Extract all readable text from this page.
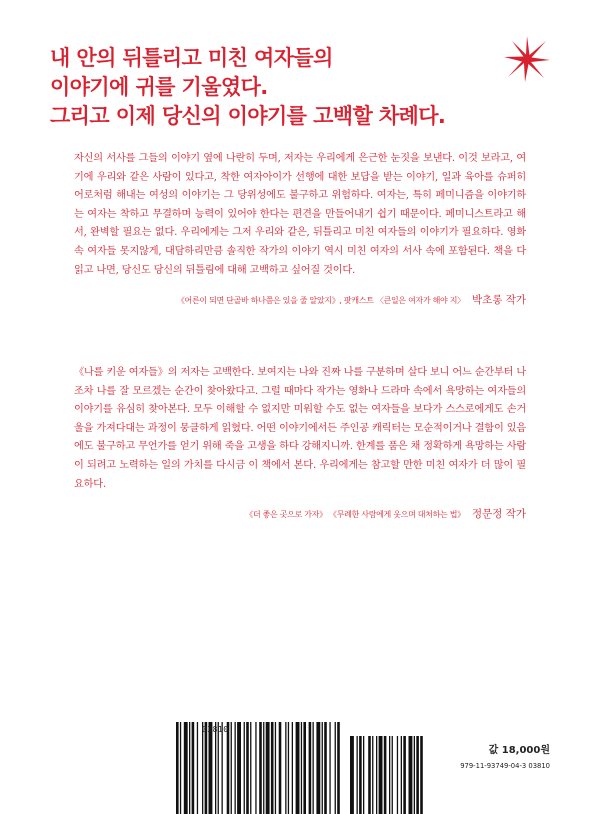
내 안의 뒤틀리고 미친 여자들의
이야기에 귀를 기울였다.
그리고 이제 당신의 이야기를 고백할 차례다.

자신의 서사를 그들의 이야기 옆에 나란히 두며, 저자는 우리에게 은근한 눈짓을 보낸다. 이것 보라고, 여기에 우리와 같은 사람이 있다고, 착한 여자아이가 선행에 대한 보답을 받는 이야기, 일과 육아를 슈퍼히어로처럼 해내는 여성의 이야기는 그 당위성에도 불구하고 위험하다. 여자는, 특히 페미니즘을 이야기하는 여자는 착하고 무결하며 능력이 있어야 한다는 편견을 만들어내기 쉽기 때문이다. 페미니스트라고 해서, 완벽할 필요는 없다. 우리에게는 그저 우리와 같은, 뒤틀리고 미친 여자들의 이야기가 필요하다. 영화 속 여자들 못지않게, 대담하리만큼 솔직한 작가의 이야기 역시 미친 여자의 서사 속에 포함된다. 책을 다 읽고 나면, 당신도 당신의 뒤틀림에 대해 고백하고 싶어질 것이다.

《어른이 되면 단골바 하나쯤은 있을 줄 알았지》, 팟캐스트 〈큰일은 여자가 해야 지〉 박초롱 작가

《나를 키운 여자들》의 저자는 고백한다. 보여지는 나와 진짜 나를 구분하며 살다 보니 어느 순간부터 나조차 나를 잘 모르겠는 순간이 찾아왔다고. 그럴 때마다 작가는 영화나 드라마 속에서 욕망하는 여자들의 이야기를 유심히 찾아본다. 모두 이해할 수 없지만 미워할 수도 없는 여자들을 보다가 스스로에게도 손거울을 가져다대는 과정이 뭉클하게 읽혔다. 어떤 이야기에서든 주인공 캐릭터는 모순적이거나 결함이 있음에도 불구하고 무언가를 얻기 위해 죽을 고생을 하다 강해지니까. 한계를 품은 채 정확하게 욕망하는 사람이 되려고 노력하는 일의 가치를 다시금 이 책에서 본다. 우리에게는 참고할 만한 미친 여자가 더 많이 필요하다.

《더 좋은 곳으로 가자》 《무례한 사람에게 웃으며 대처하는 법》 정문정 작가
03810
값 18,000원
979-11-93749-04-3 03810
